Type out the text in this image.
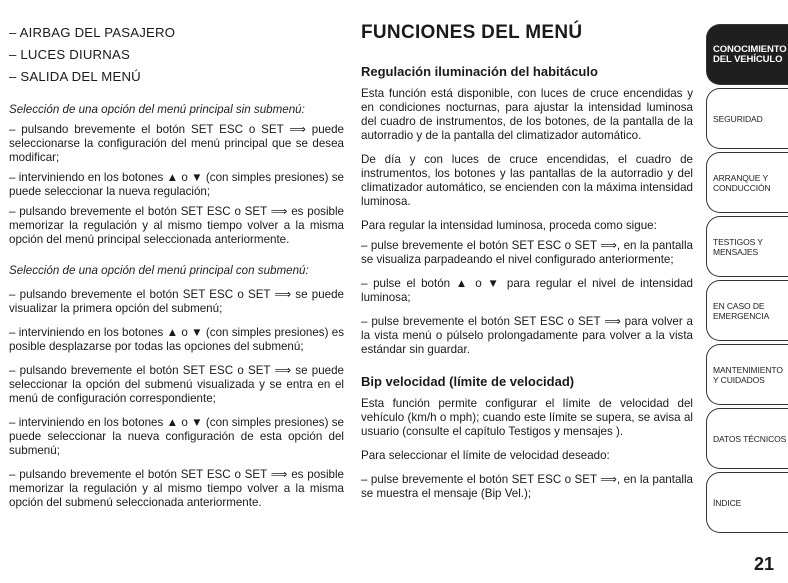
– AIRBAG DEL PASAJERO
– LUCES DIURNAS
– SALIDA DEL MENÚ
Selección de una opción del menú principal sin submenú:
– pulsando brevemente el botón SET ESC o SET ⟹ puede seleccionarse la configuración del menú principal que se desea modificar;
– interviniendo en los botones ▲ o ▼ (con simples presiones) se puede seleccionar la nueva regulación;
– pulsando brevemente el botón SET ESC o SET ⟹ es posible memorizar la regulación y al mismo tiempo volver a la misma opción del menú principal seleccionada anteriormente.
Selección de una opción del menú principal con submenú:
– pulsando brevemente el botón SET ESC o SET ⟹ se puede visualizar la primera opción del submenú;
– interviniendo en los botones ▲ o ▼ (con simples presiones) es posible desplazarse por todas las opciones del submenú;
– pulsando brevemente el botón SET ESC o SET ⟹ se puede seleccionar la opción del submenú visualizada y se entra en el menú de configuración correspondiente;
– interviniendo en los botones ▲ o ▼ (con simples presiones) se puede seleccionar la nueva configuración de esta opción del submenú;
– pulsando brevemente el botón SET ESC o SET ⟹ es posible memorizar la regulación y al mismo tiempo volver a la misma opción del submenú seleccionada anteriormente.
FUNCIONES DEL MENÚ
Regulación iluminación del habitáculo
Esta función está disponible, con luces de cruce encendidas y en condiciones nocturnas, para ajustar la intensidad luminosa del cuadro de instrumentos, de los botones, de la pantalla de la autorradio y de la pantalla del climatizador automático.
De día y con luces de cruce encendidas, el cuadro de instrumentos, los botones y las pantallas de la autorradio y del climatizador automático, se encienden con la máxima intensidad luminosa.
Para regular la intensidad luminosa, proceda como sigue:
– pulse brevemente el botón SET ESC o SET ⟹, en la pantalla se visualiza parpadeando el nivel configurado anteriormente;
– pulse el botón ▲ o ▼ para regular el nivel de intensidad luminosa;
– pulse brevemente el botón SET ESC o SET ⟹ para volver a la vista menú o púlselo prolongadamente para volver a la vista estándar sin guardar.
Bip velocidad (límite de velocidad)
Esta función permite configurar el límite de velocidad del vehículo (km/h o mph); cuando este límite se supera, se avisa al usuario (consulte el capítulo Testigos y mensajes ).
Para seleccionar el límite de velocidad deseado:
– pulse brevemente el botón SET ESC o SET ⟹, en la pantalla se muestra el mensaje (Bip Vel.);
CONOCIMIENTO DEL VEHÍCULO
SEGURIDAD
ARRANQUE Y CONDUCCIÓN
TESTIGOS Y MENSAJES
EN CASO DE EMERGENCIA
MANTENIMIENTO Y CUIDADOS
DATOS TÉCNICOS
ÍNDICE
21
